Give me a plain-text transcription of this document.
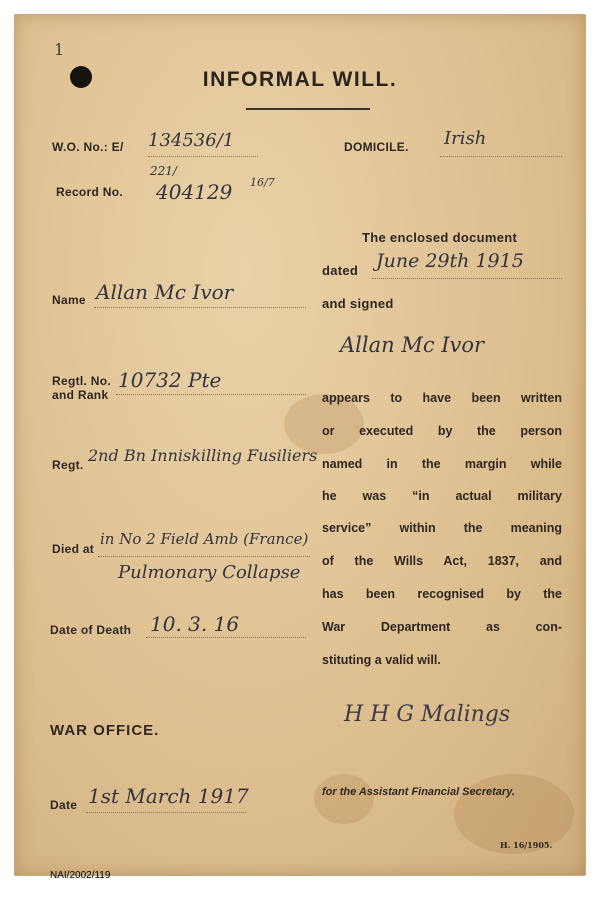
1
INFORMAL WILL.
W.O. No.: E/ 134536/1	DOMICILE. Irish
Record No.
221/
404129 16/7
The enclosed document
dated June 29th 1915
Name Allan Mc Ivor	and signed
Allan Mc Ivor
Regtl. No.
and Rank
10732 Pte
appears to have been written
or executed by the person
named in the margin while
he was “in actual military
service” within the meaning
of the Wills Act, 1837, and
has been recognised by the
War Department as con-
stituting a valid will.
Regt. 2nd Bn Inniskilling Fusiliers
Died at
in No 2 Field Amb (France)
Pulmonary Collapse
Date of Death 10. 3. 16
WAR OFFICE.
H H G Malings
for the Assistant Financial Secretary.
Date 1st March 1917
H. 16/1905.
NAI/2002/119
